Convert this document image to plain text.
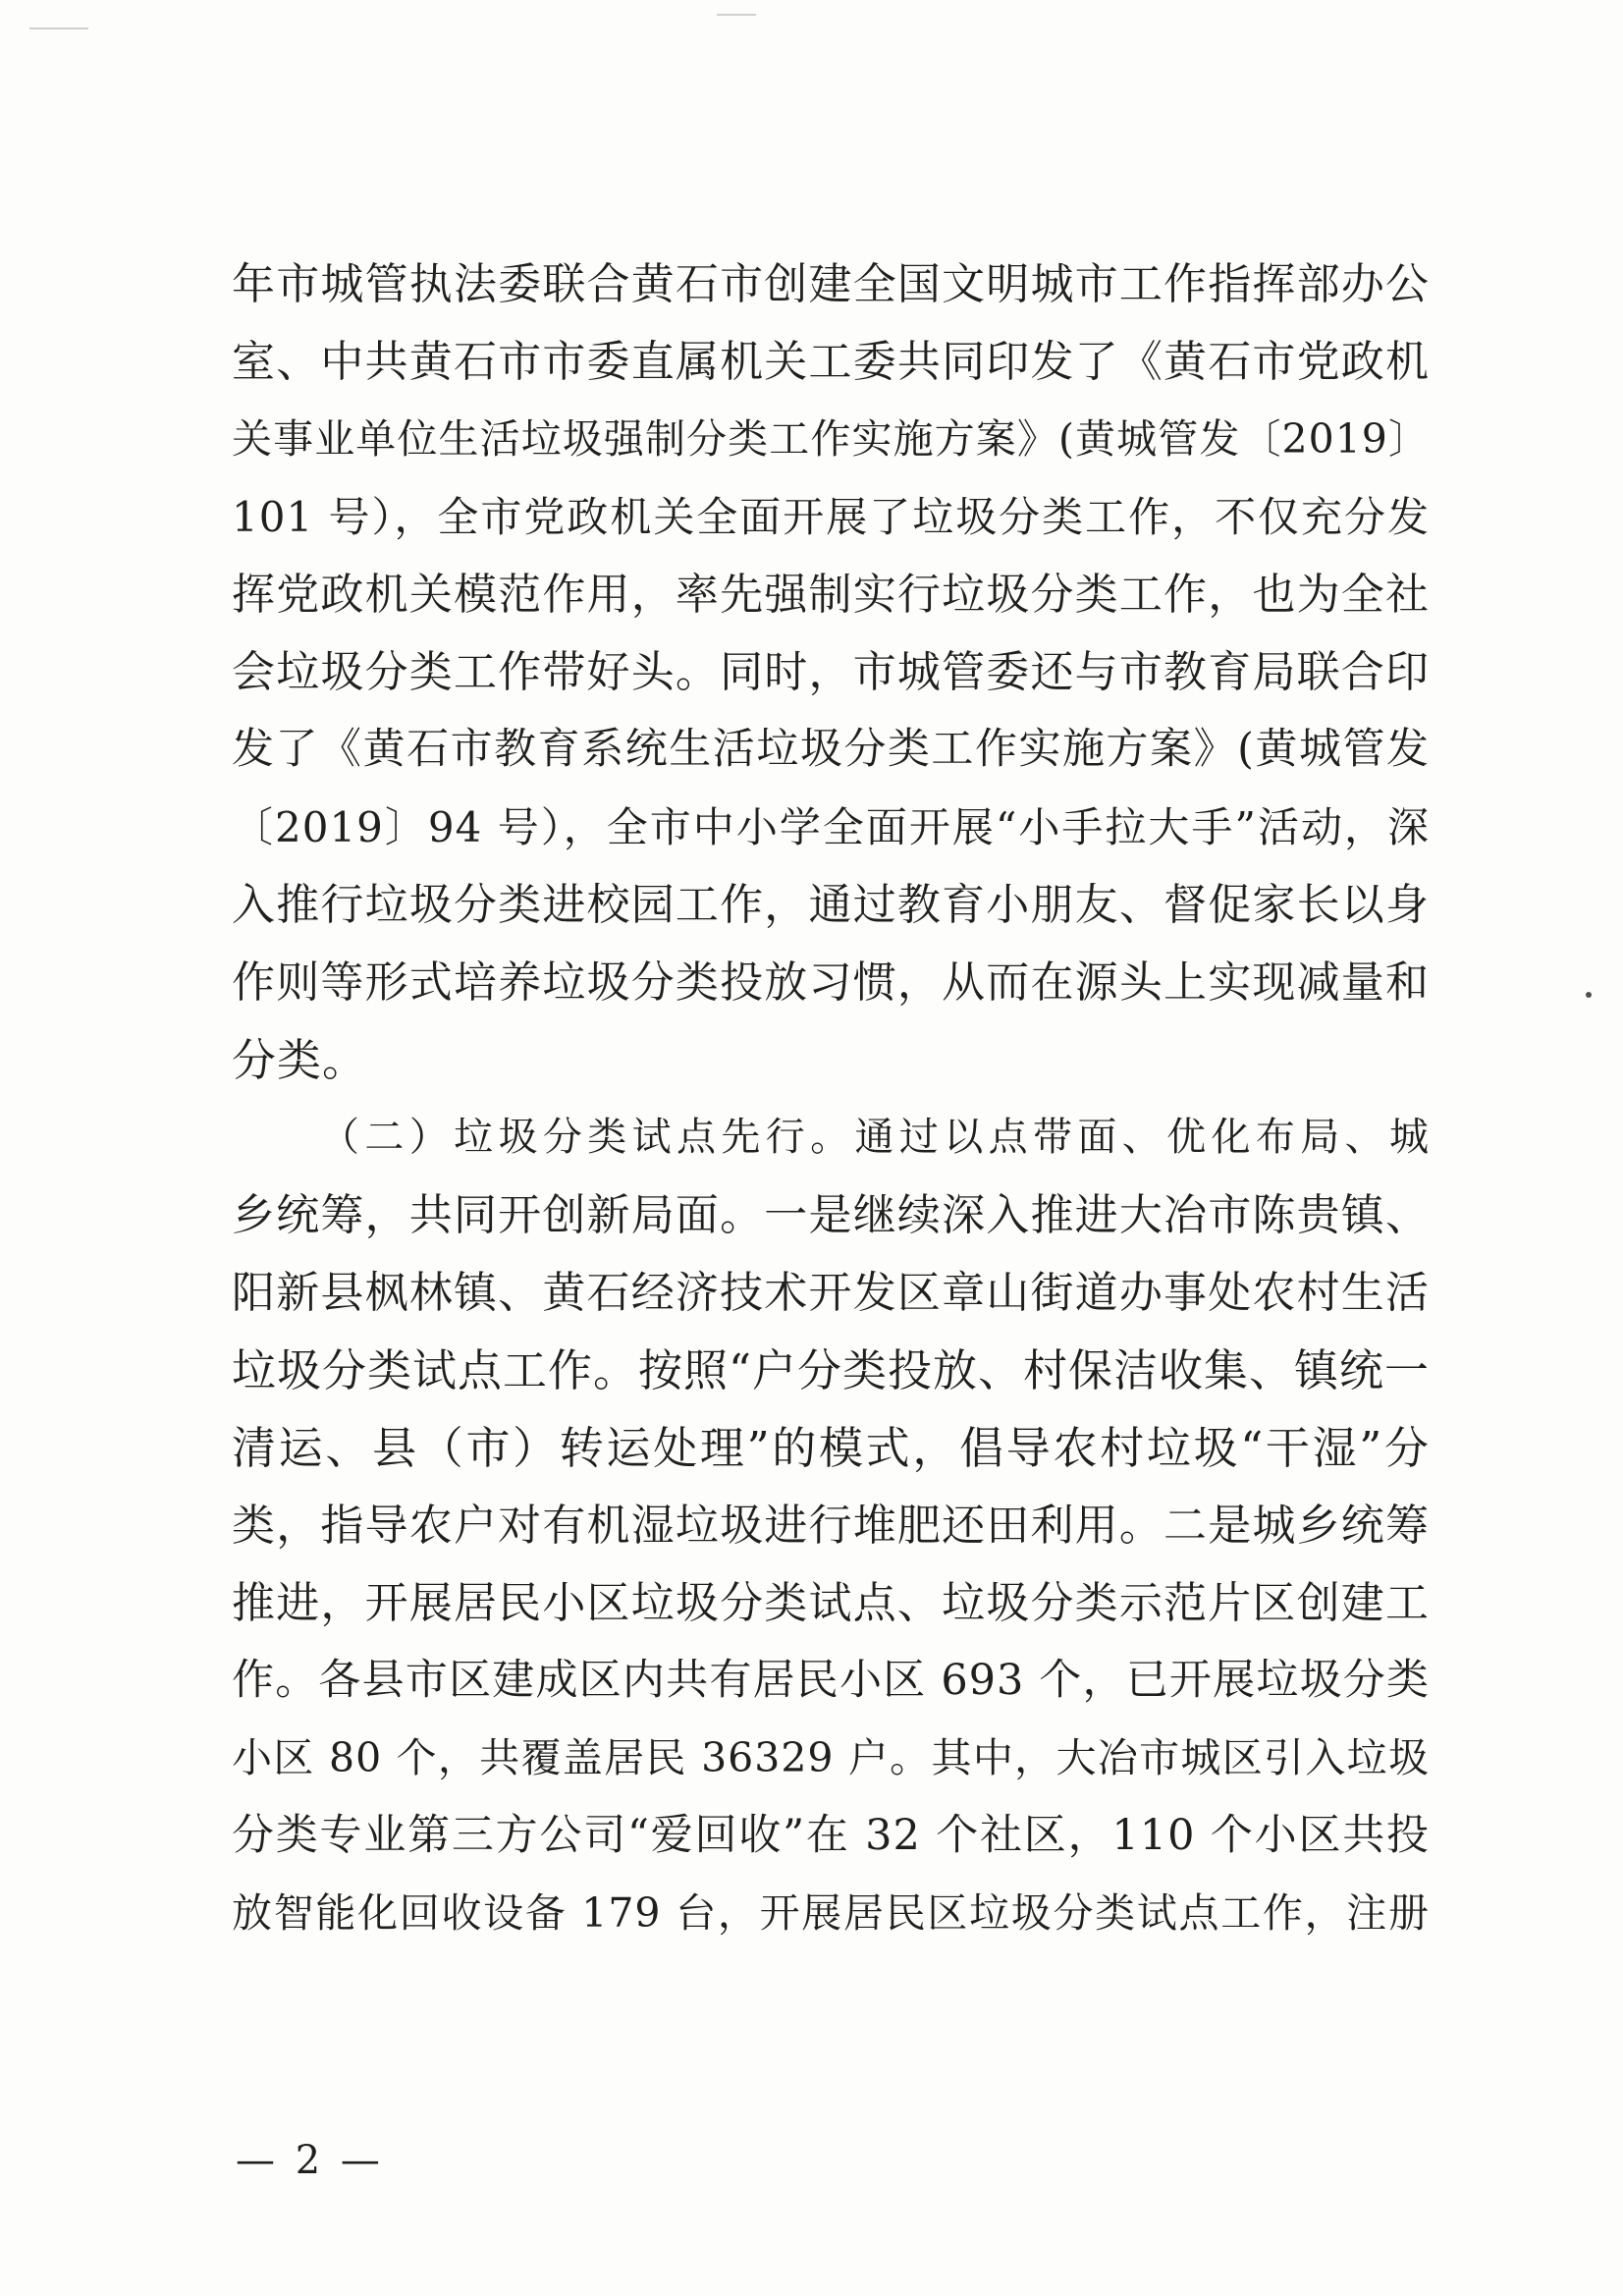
年市城管执法委联合黄石市创建全国文明城市工作指挥部办公
室、中共黄石市市委直属机关工委共同印发了《黄石市党政机
关事业单位生活垃圾强制分类工作实施方案》(黄城管发〔2019〕
101 号），全市党政机关全面开展了垃圾分类工作，不仅充分发
挥党政机关模范作用，率先强制实行垃圾分类工作，也为全社
会垃圾分类工作带好头。同时，市城管委还与市教育局联合印
发了《黄石市教育系统生活垃圾分类工作实施方案》(黄城管发
〔2019〕94 号），全市中小学全面开展“小手拉大手”活动，深
入推行垃圾分类进校园工作，通过教育小朋友、督促家长以身
作则等形式培养垃圾分类投放习惯，从而在源头上实现减量和
分类。
（二）垃圾分类试点先行。通过以点带面、优化布局、城
乡统筹，共同开创新局面。一是继续深入推进大冶市陈贵镇、
阳新县枫林镇、黄石经济技术开发区章山街道办事处农村生活
垃圾分类试点工作。按照“户分类投放、村保洁收集、镇统一
清运、县（市）转运处理”的模式，倡导农村垃圾“干湿”分
类，指导农户对有机湿垃圾进行堆肥还田利用。二是城乡统筹
推进，开展居民小区垃圾分类试点、垃圾分类示范片区创建工
作。各县市区建成区内共有居民小区 693 个，已开展垃圾分类
小区 80 个，共覆盖居民 36329 户。其中，大冶市城区引入垃圾
分类专业第三方公司“爱回收”在 32 个社区，110 个小区共投
放智能化回收设备 179 台，开展居民区垃圾分类试点工作，注册
— 2 —
